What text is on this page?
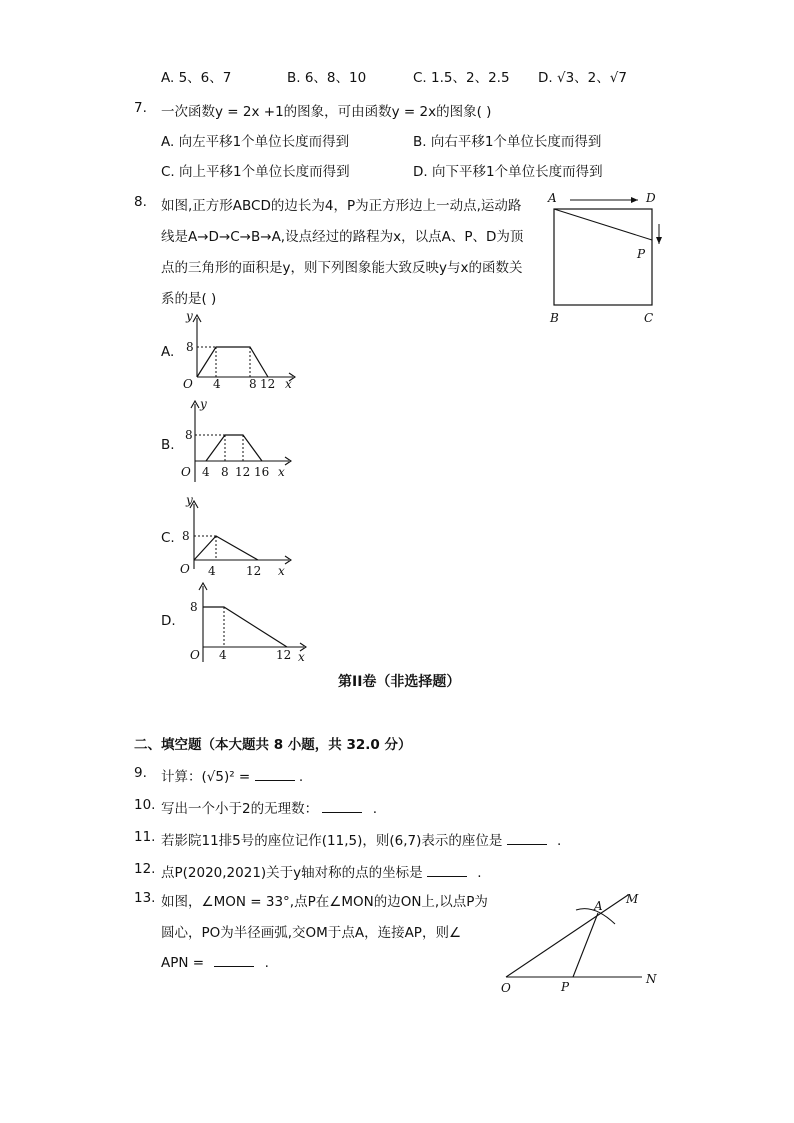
A. 5、6、7	B. 6、8、10	C. 1.5、2、2.5 D. √3、2、√7
7. 一次函数y = 2x +1的图象，可由函数y = 2x的图象( )
A. 向左平移1个单位长度而得到	B. 向右平移1个单位长度而得到
C. 向上平移1个单位长度而得到	D. 向下平移1个单位长度而得到
8. 如图,正方形ABCD的边长为4，P为正方形边上一动点,运动路
线是A→D→C→B→A,设点经过的路程为x，以点A、P、D为顶
点的三角形的面积是y，则下列图象能大致反映y与x的函数关
系的是( )
A	D
P
B	C
A.
y
x
O
8
4 8 12
B.
y
x
O
8
4 8 12 16
C.
y
x
O
8
4	12
D.
x
O
8
4	12
第II卷（非选择题）
二、填空题（本大题共 8 小题，共 32.0 分）
9. 计算：(√5)² =	.
10. 写出一个小于2的无理数：	.
11. 若影院11排5号的座位记作(11,5)，则(6,7)表示的座位是	.
12. 点P(2020,2021)关于y轴对称的点的坐标是	.
13. 如图，∠MON = 33°,点P在∠MON的边ON上,以点P为
圆心，PO为半径画弧,交OM于点A，连接AP，则∠
APN =	.
A M
N
O	P
